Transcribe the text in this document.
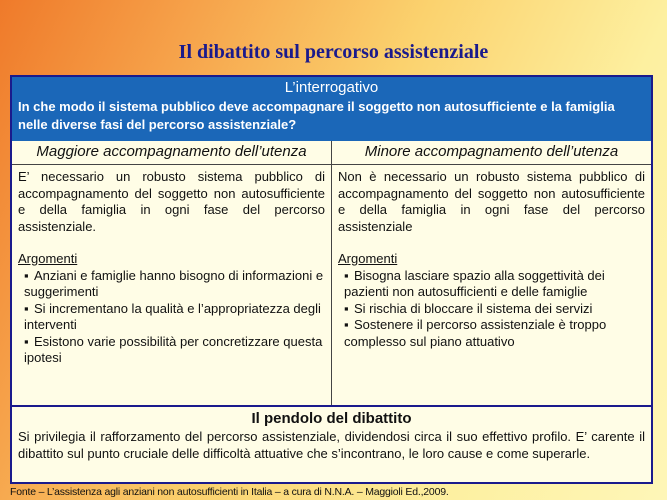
Il dibattito sul percorso assistenziale
L’interrogativo
In che modo il sistema pubblico deve accompagnare il soggetto non autosufficiente e la famiglia nelle diverse fasi del percorso assistenziale?
Maggiore accompagnamento dell’utenza	Minore accompagnamento dell’utenza
E’ necessario un robusto sistema pubblico di accompagnamento del soggetto non autosufficiente e della famiglia in ogni fase del percorso assistenziale.
Argomenti
▪ Anziani e famiglie hanno bisogno di informazioni e suggerimenti
▪ Si incrementano la qualità e l’appropriatezza degli interventi
▪ Esistono varie possibilità per concretizzare questa ipotesi
Non è necessario un robusto sistema pubblico di accompagnamento del soggetto non autosufficiente e della famiglia in ogni fase del percorso assistenziale
Argomenti
▪ Bisogna lasciare spazio alla soggettività dei pazienti non autosufficienti e delle famiglie
▪ Si rischia di bloccare il sistema dei servizi
▪ Sostenere il percorso assistenziale è troppo complesso sul piano attuativo
Il pendolo del dibattito
Si privilegia il rafforzamento del percorso assistenziale, dividendosi circa il suo effettivo profilo. E’ carente il dibattito sul punto cruciale delle difficoltà attuative che s’incontrano, le loro cause e come superarle.
Fonte – L’assistenza agli anziani non autosufficienti in Italia – a cura di N.N.A. – Maggioli Ed.,2009.
